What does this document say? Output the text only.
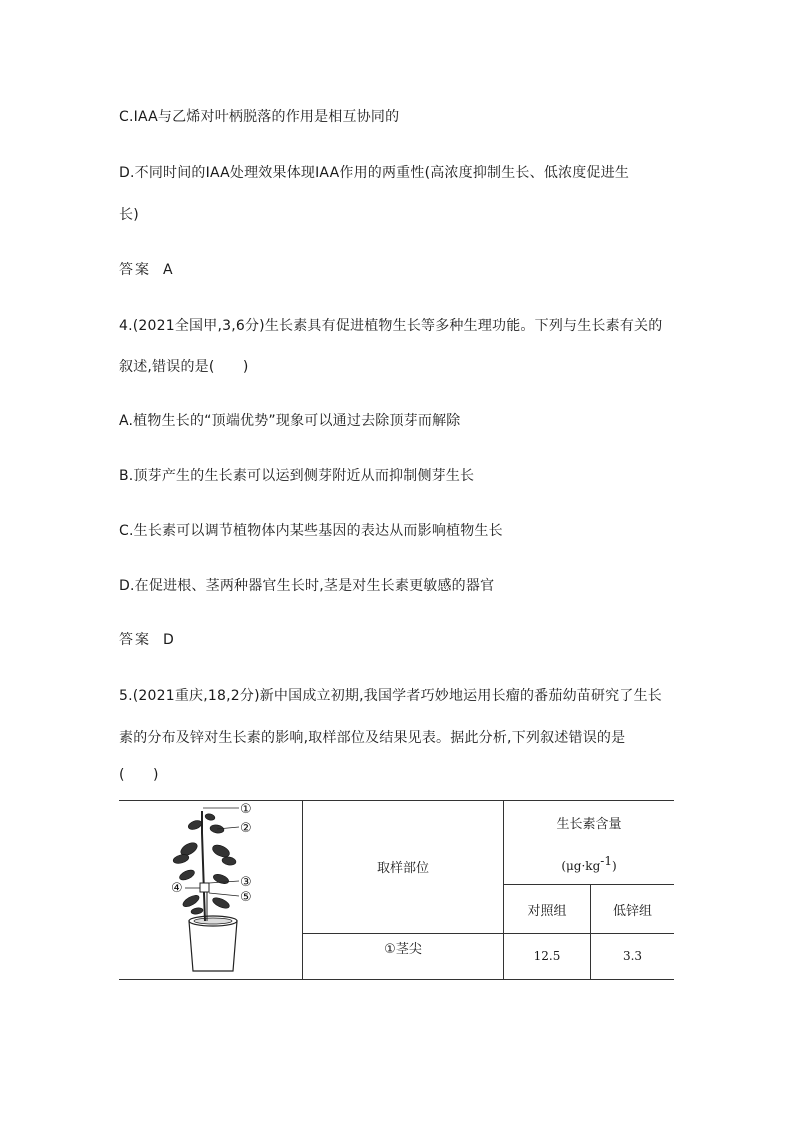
C.IAA与乙烯对叶柄脱落的作用是相互协同的
D.不同时间的IAA处理效果体现IAA作用的两重性(高浓度抑制生长、低浓度促进生
长)
答案 A
4.(2021全国甲,3,6分)生长素具有促进植物生长等多种生理功能。下列与生长素有关的
叙述,错误的是(　　)
A.植物生长的“顶端优势”现象可以通过去除顶芽而解除
B.顶芽产生的生长素可以运到侧芽附近从而抑制侧芽生长
C.生长素可以调节植物体内某些基因的表达从而影响植物生长
D.在促进根、茎两种器官生长时,茎是对生长素更敏感的器官
答案 D
5.(2021重庆,18,2分)新中国成立初期,我国学者巧妙地运用长瘤的番茄幼苗研究了生长
素的分布及锌对生长素的影响,取样部位及结果见表。据此分析,下列叙述错误的是
(　　)
①
②
③
④
⑤	取样部位	生长素含量
(μg·kg-1)	

		对照组	低锌组
	①茎尖	12.5	3.3
